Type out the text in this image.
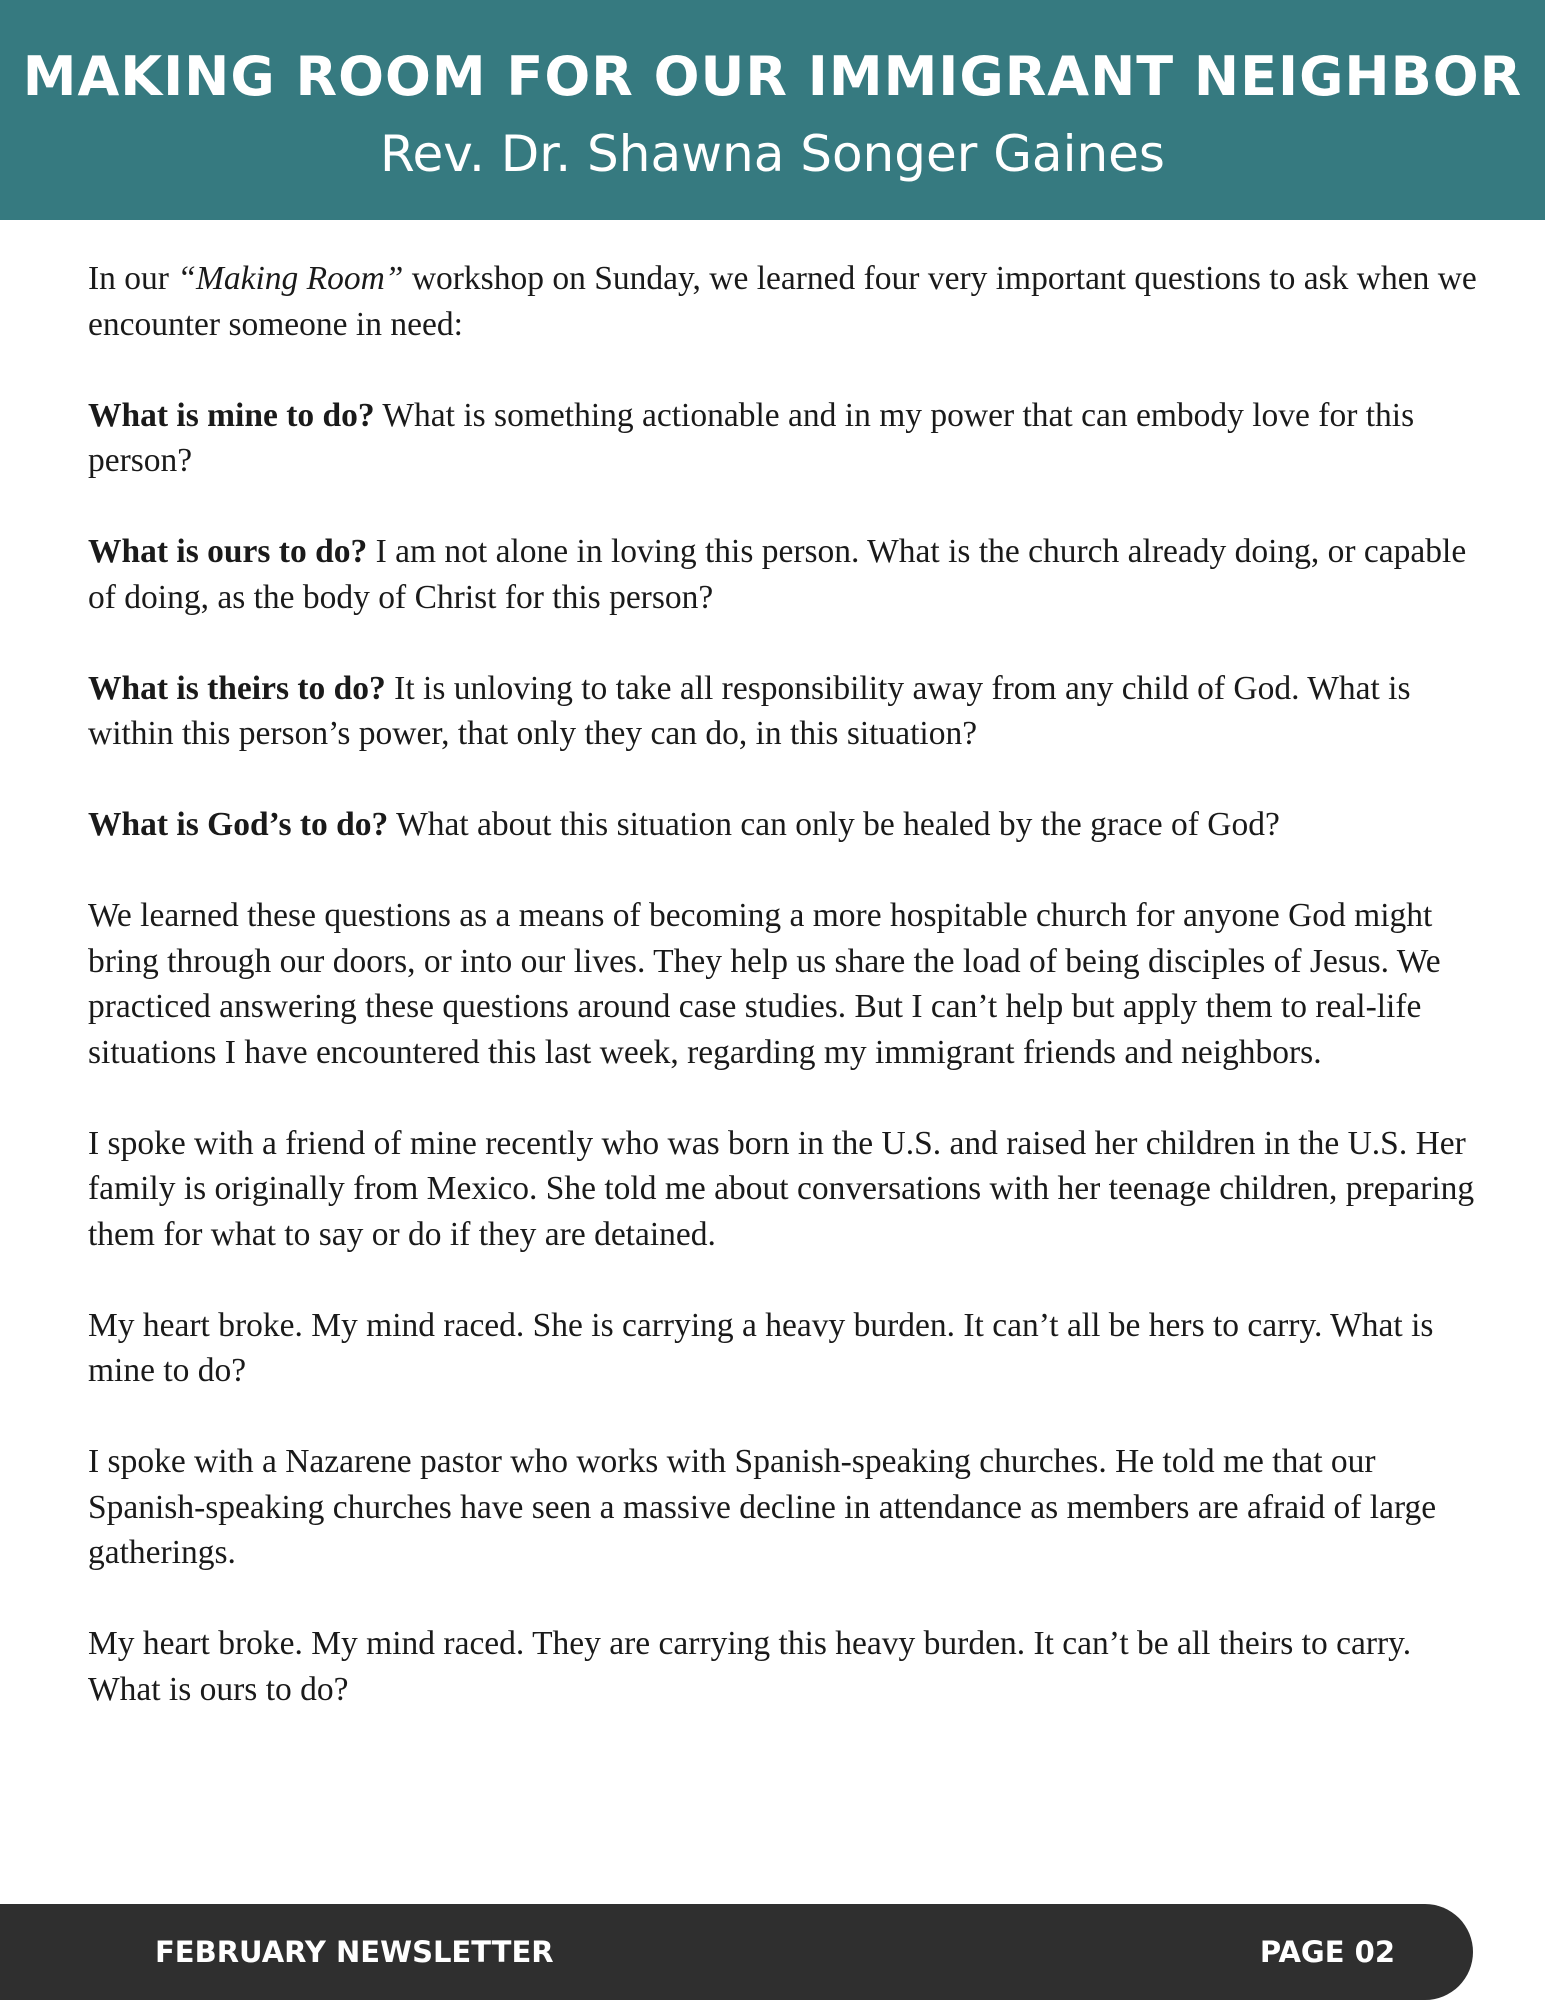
MAKING ROOM FOR OUR IMMIGRANT NEIGHBOR
Rev. Dr. Shawna Songer Gaines

In our “Making Room” workshop on Sunday, we learned four very important questions to ask when we encounter someone in need:

What is mine to do? What is something actionable and in my power that can embody love for this person?

What is ours to do? I am not alone in loving this person. What is the church already doing, or capable of doing, as the body of Christ for this person?

What is theirs to do? It is unloving to take all responsibility away from any child of God. What is within this person’s power, that only they can do, in this situation?

What is God’s to do? What about this situation can only be healed by the grace of God?

We learned these questions as a means of becoming a more hospitable church for anyone God might bring through our doors, or into our lives. They help us share the load of being disciples of Jesus. We practiced answering these questions around case studies. But I can’t help but apply them to real-life situations I have encountered this last week, regarding my immigrant friends and neighbors.

I spoke with a friend of mine recently who was born in the U.S. and raised her children in the U.S. Her family is originally from Mexico. She told me about conversations with her teenage children, preparing them for what to say or do if they are detained.

My heart broke. My mind raced. She is carrying a heavy burden. It can’t all be hers to carry. What is mine to do?

I spoke with a Nazarene pastor who works with Spanish-speaking churches. He told me that our Spanish-speaking churches have seen a massive decline in attendance as members are afraid of large gatherings.

My heart broke. My mind raced. They are carrying this heavy burden. It can’t be all theirs to carry. What is ours to do?

FEBRUARY NEWSLETTER	PAGE 02
